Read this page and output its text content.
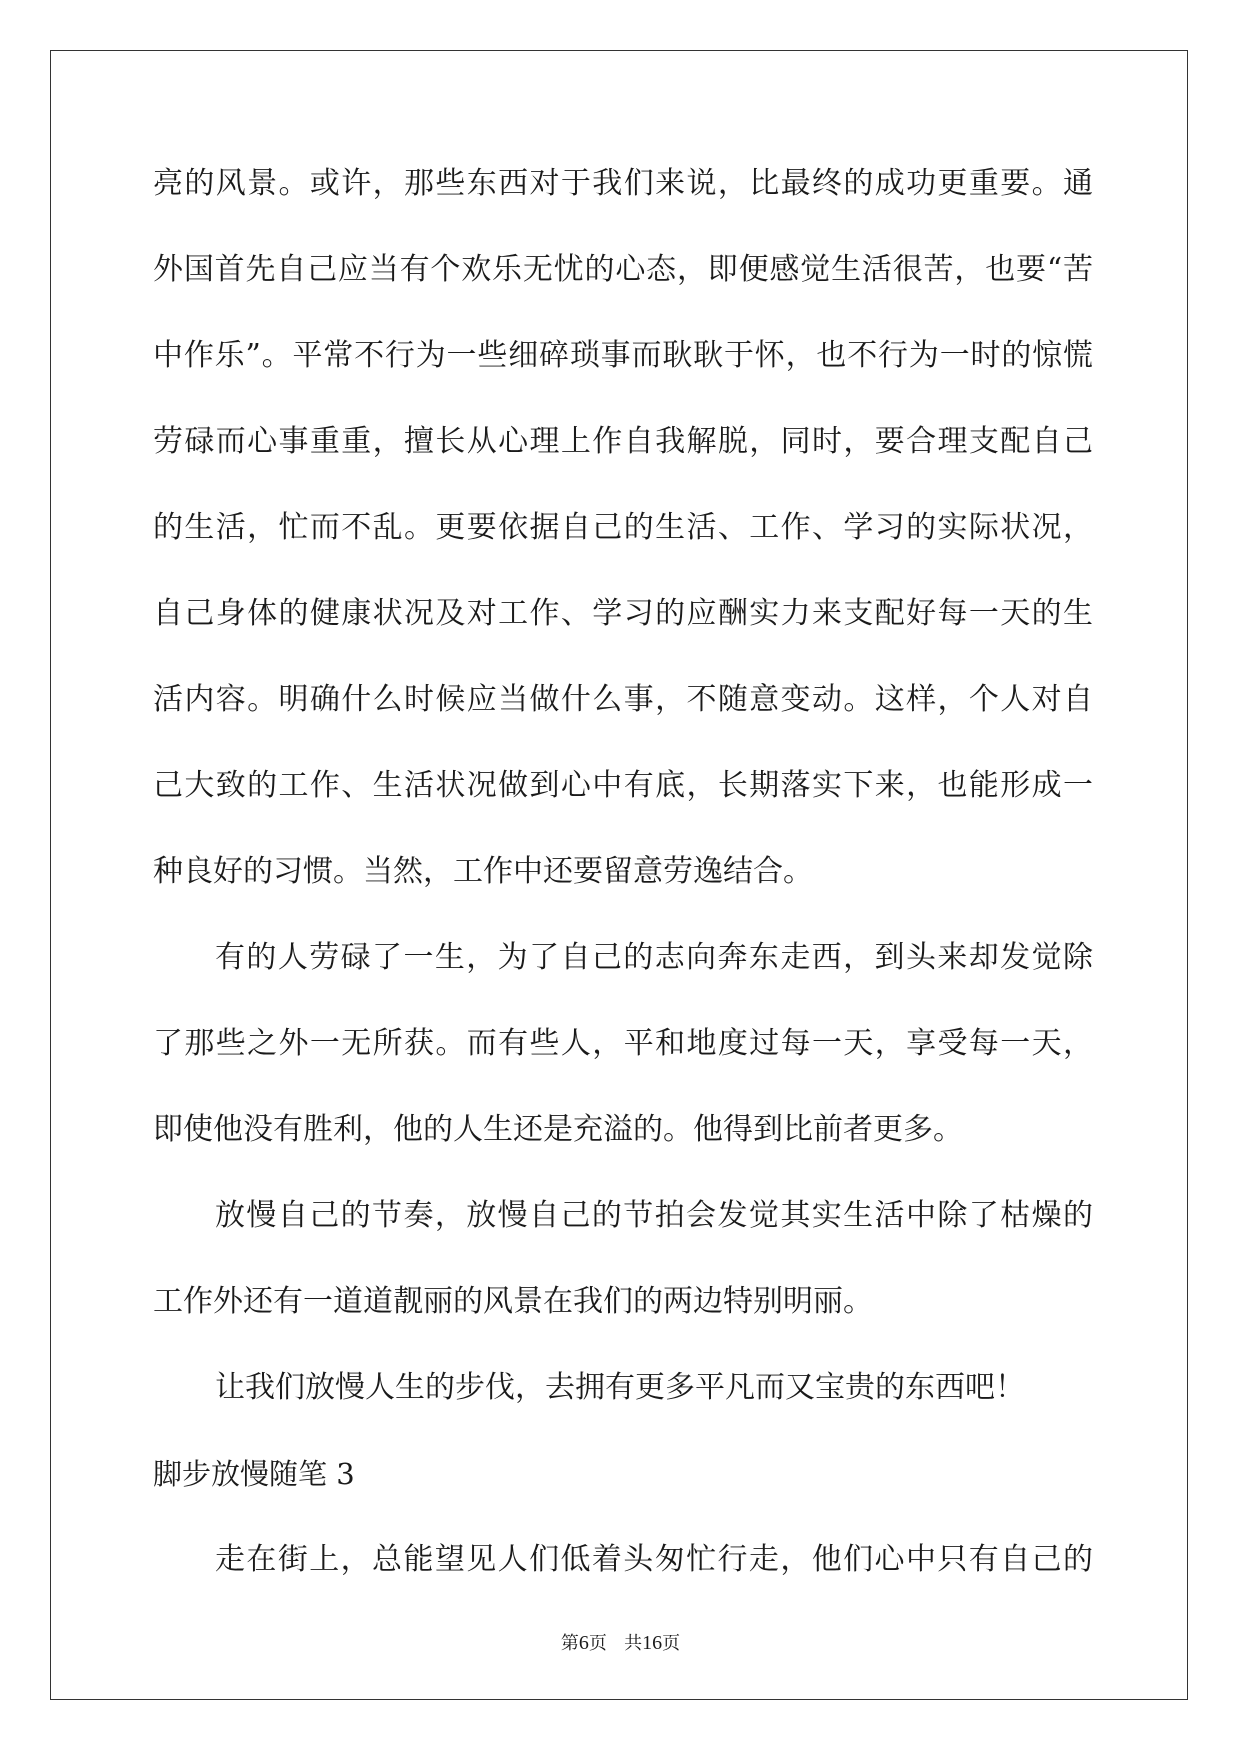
亮的风景。或许，那些东西对于我们来说，比最终的成功更重要。通
外国首先自己应当有个欢乐无忧的心态，即便感觉生活很苦，也要“苦
中作乐”。平常不行为一些细碎琐事而耿耿于怀，也不行为一时的惊慌
劳碌而心事重重，擅长从心理上作自我解脱，同时，要合理支配自己
的生活，忙而不乱。更要依据自己的生活、工作、学习的实际状况，
自己身体的健康状况及对工作、学习的应酬实力来支配好每一天的生
活内容。明确什么时候应当做什么事，不随意变动。这样，个人对自
己大致的工作、生活状况做到心中有底，长期落实下来，也能形成一
种良好的习惯。当然，工作中还要留意劳逸结合。
有的人劳碌了一生，为了自己的志向奔东走西，到头来却发觉除
了那些之外一无所获。而有些人，平和地度过每一天，享受每一天，
即使他没有胜利，他的人生还是充溢的。他得到比前者更多。
放慢自己的节奏，放慢自己的节拍会发觉其实生活中除了枯燥的
工作外还有一道道靓丽的风景在我们的两边特别明丽。
让我们放慢人生的步伐，去拥有更多平凡而又宝贵的东西吧！
脚步放慢随笔 3
走在街上，总能望见人们低着头匆忙行走，他们心中只有自己的
第6页   共16页
